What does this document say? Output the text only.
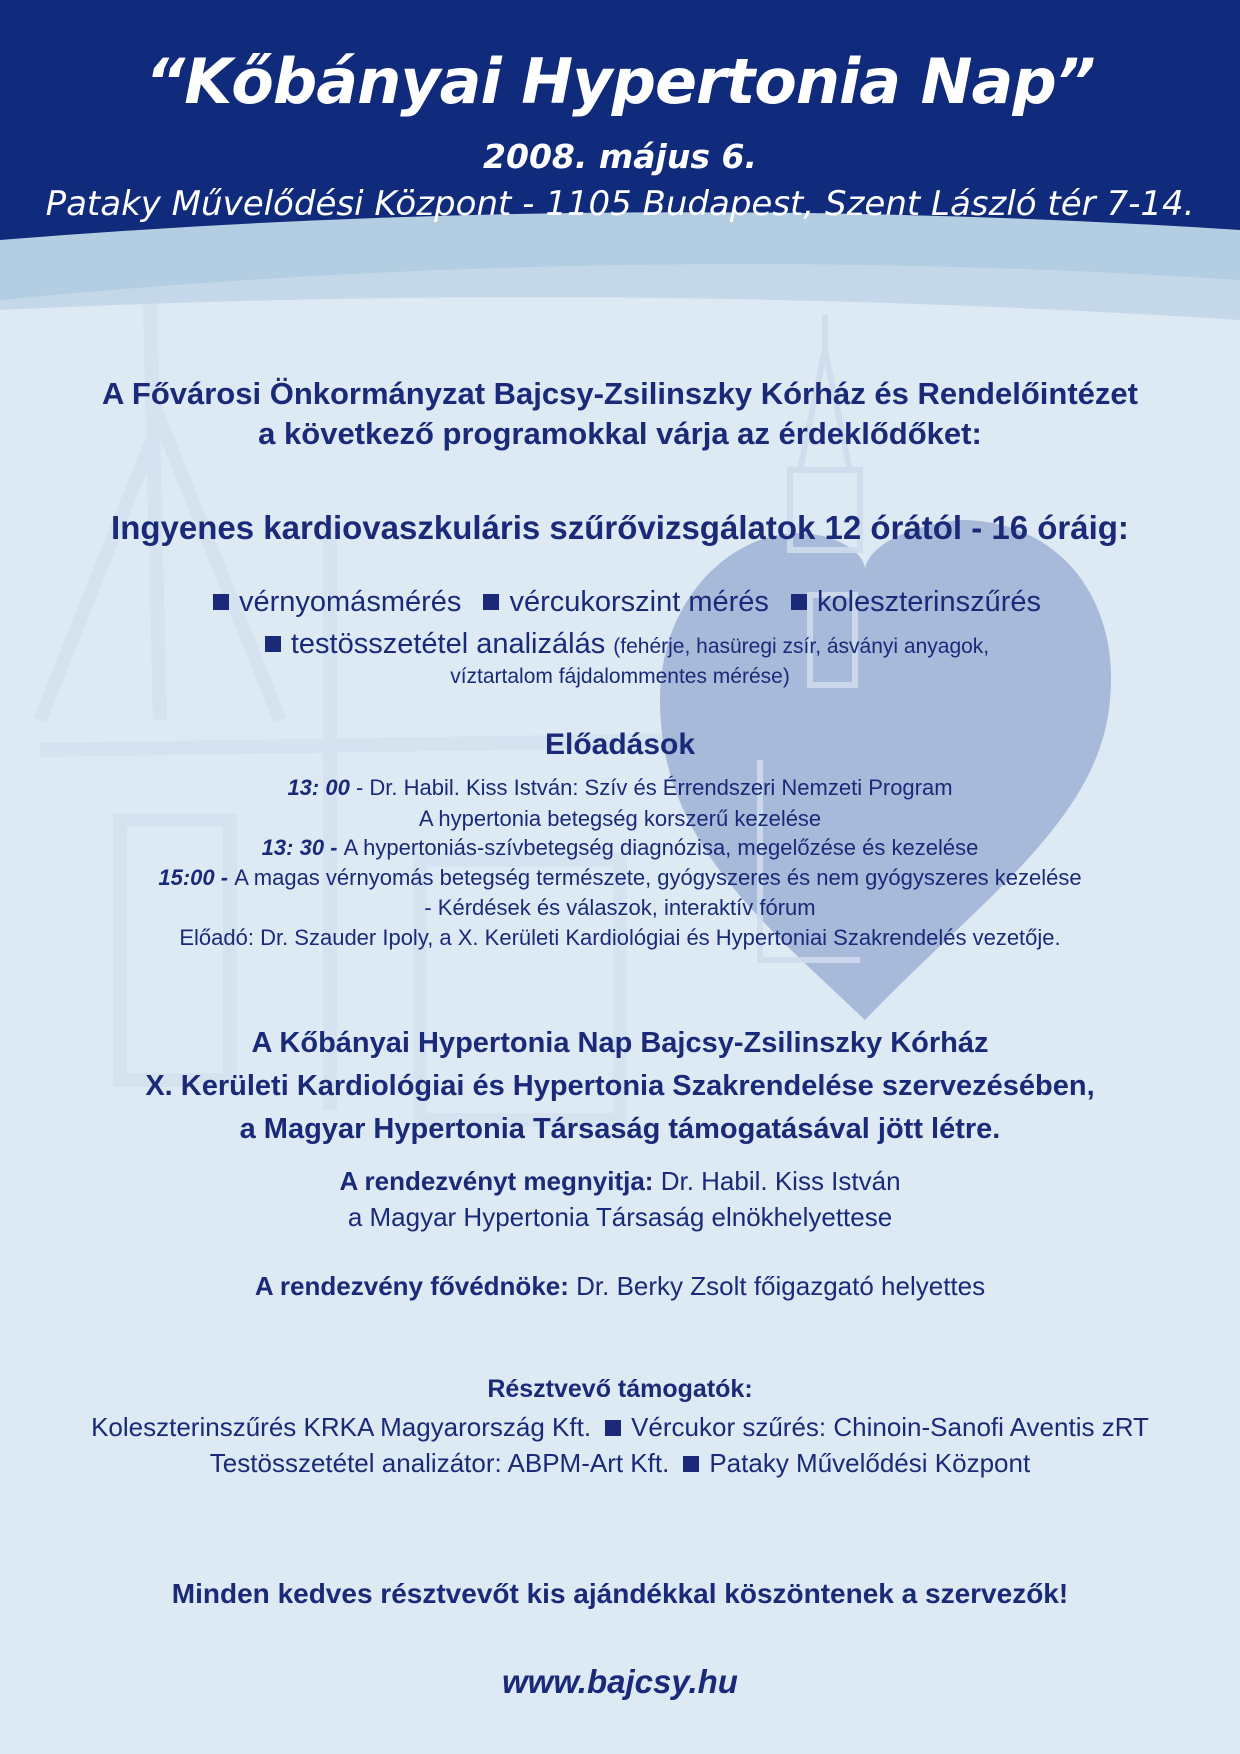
“Kőbányai Hypertonia Nap”
2008. május 6.
Pataky Művelődési Központ - 1105 Budapest, Szent László tér 7-14.
A Fővárosi Önkormányzat Bajcsy-Zsilinszky Kórház és Rendelőintézet
a következő programokkal várja az érdeklődőket:
Ingyenes kardiovaszkuláris szűrővizsgálatok 12 órától - 16 óráig:
vérnyomásmérés vércukorszint mérés koleszterinszűrés
testösszetétel analizálás (fehérje, hasüregi zsír, ásványi anyagok,
víztartalom fájdalommentes mérése)
Előadások
13: 00 - Dr. Habil. Kiss István: Szív és Érrendszeri Nemzeti Program
A hypertonia betegség korszerű kezelése
13: 30 - A hypertoniás-szívbetegség diagnózisa, megelőzése és kezelése
15:00 - A magas vérnyomás betegség természete, gyógyszeres és nem gyógyszeres kezelése
- Kérdések és válaszok, interaktív fórum
Előadó: Dr. Szauder Ipoly, a X. Kerületi Kardiológiai és Hypertoniai Szakrendelés vezetője.
A Kőbányai Hypertonia Nap Bajcsy-Zsilinszky Kórház
X. Kerületi Kardiológiai és Hypertonia Szakrendelése szervezésében,
a Magyar Hypertonia Társaság támogatásával jött létre.
A rendezvényt megnyitja: Dr. Habil. Kiss István
a Magyar Hypertonia Társaság elnökhelyettese
A rendezvény fővédnöke: Dr. Berky Zsolt főigazgató helyettes
Résztvevő támogatók:
Koleszterinszűrés KRKA Magyarország Kft. Vércukor szűrés: Chinoin-Sanofi Aventis zRT
Testösszetétel analizátor: ABPM-Art Kft. Pataky Művelődési Központ
Minden kedves résztvevőt kis ajándékkal köszöntenek a szervezők!
www.bajcsy.hu
